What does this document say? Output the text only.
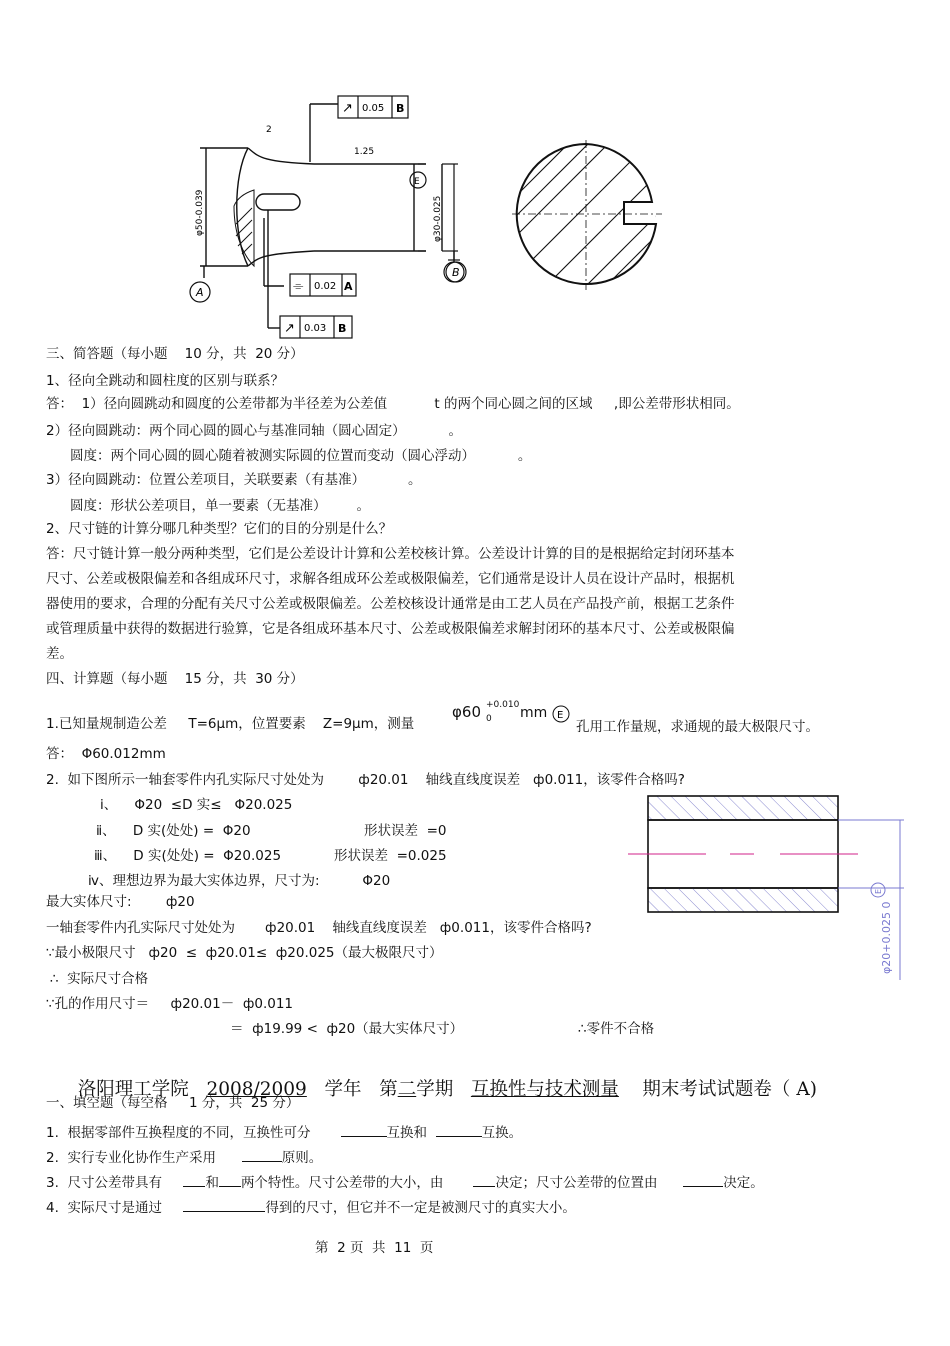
↗ 0.05 B
⌯ 0.02 A
↗ 0.03 B
2
1.25
φ50-0.039	φ30-0.025
E
A
B
三、简答题（每小题    10 分，共  20 分）
1、径向全跳动和圆柱度的区别与联系？
答：  1）径向圆跳动和圆度的公差带都为半径差为公差值           t 的两个同心圆之间的区域     ,即公差带形状相同。
2）径向圆跳动：两个同心圆的圆心与基准同轴（圆心固定）          。
圆度：两个同心圆的圆心随着被测实际圆的位置而变动（圆心浮动）          。
3）径向圆跳动：位置公差项目，关联要素（有基准）          。
圆度：形状公差项目，单一要素（无基准）       。
2、尺寸链的计算分哪几种类型？它们的目的分别是什么？
答：尺寸链计算一般分两种类型，它们是公差设计计算和公差校核计算。公差设计计算的目的是根据给定封闭环基本
尺寸、公差或极限偏差和各组成环尺寸，求解各组成环公差或极限偏差，它们通常是设计人员在设计产品时，根据机
器使用的要求，合理的分配有关尺寸公差或极限偏差。公差校核设计通常是由工艺人员在产品投产前，根据工艺条件
或管理质量中获得的数据进行验算，它是各组成环基本尺寸、公差或极限偏差求解封闭环的基本尺寸、公差或极限偏
差。
四、计算题（每小题    15 分，共  30 分）
1.已知量规制造公差     T=6μm，位置要素    Z=9μm，测量
φ60 +0.010
0 mm E
孔用工作量规，求通规的最大极限尺寸。
答：  Φ60.012mm
2.  如下图所示一轴套零件内孔实际尺寸处处为        ф20.01    轴线直线度误差   ф0.011，该零件合格吗?
ⅰ、    Φ20  ≤D 实≤   Φ20.025
ⅱ、    D 实(处处) =  Φ20	形状误差  =0
ⅲ、    D 实(处处) =  Φ20.025	形状误差  =0.025
ⅳ、理想边界为最大实体边界，尺寸为:          Φ20
最大实体尺寸:        ф20
一轴套零件内孔实际尺寸处处为       ф20.01    轴线直线度误差   ф0.011，该零件合格吗?
∵最小极限尺寸   ф20  ≤  ф20.01≤  ф20.025（最大极限尺寸）
∴  实际尺寸合格
∵孔的作用尺寸＝     ф20.01－  ф0.011
＝  ф19.99 <  ф20（最大实体尺寸）	∴零件不合格
φ20+0.025 0
E

洛阳理工学院 2008/2009 学年 第二学期 互换性与技术测量 期末考试试题卷（ A)

一、填空题（每空格     1 分，共  25 分）
1.  根据零部件互换程度的不同，互换性可分	互换和	互换。
2.  实行专业化协作生产采用	原则。
3.  尺寸公差带具有	和 两个特性。尺寸公差带的大小，由	决定；尺寸公差带的位置由	决定。
4.  实际尺寸是通过	得到的尺寸，但它并不一定是被测尺寸的真实大小。
第  2 页  共  11  页
